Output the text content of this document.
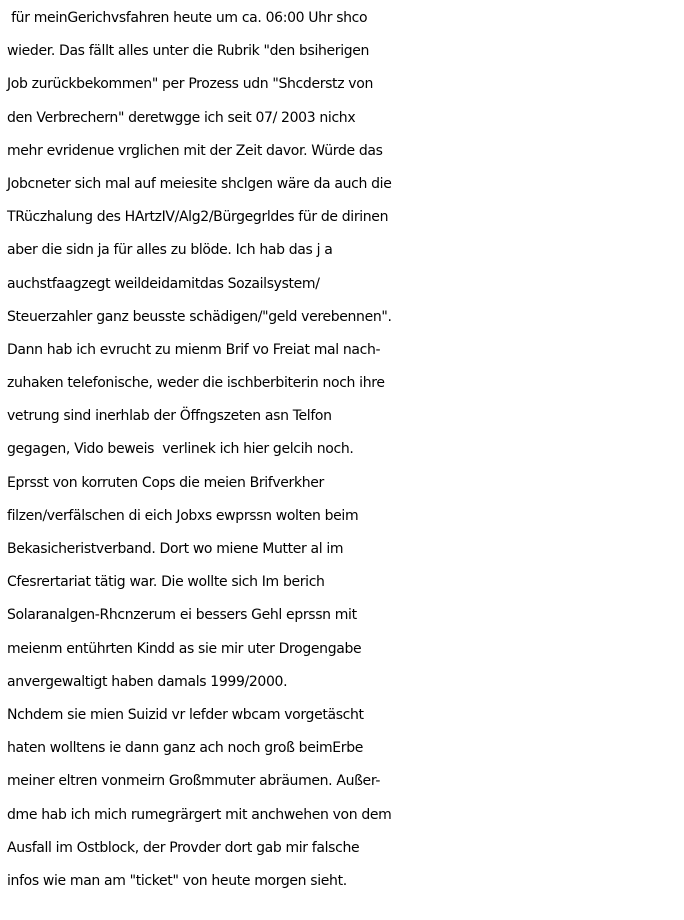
für meinGerichvsfahren heute um ca. 06:00 Uhr shco
wieder. Das fällt alles unter die Rubrik "den bsiherigen
Job zurückbekommen" per Prozess udn "Shcderstz von
den Verbrechern" deretwgge ich seit 07/ 2003 nichx
mehr evridenue vrglichen mit der Zeit davor. Würde das
Jobcneter sich mal auf meiesite shclgen wäre da auch die
TRüczhalung des HArtzIV/Alg2/Bürgegrldes für de dirinen
aber die sidn ja für alles zu blöde. Ich hab das j a
auchstfaagzegt weildeidamitdas Sozailsystem/
Steuerzahler ganz beusste schädigen/"geld verebennen".
Dann hab ich evrucht zu mienm Brif vo Freiat mal nach-
zuhaken telefonische, weder die ischberbiterin noch ihre
vetrung sind inerhlab der Öffngszeten asn Telfon
gegagen, Vido beweis  verlinek ich hier gelcih noch.
Eprsst von korruten Cops die meien Brifverkher
filzen/verfälschen di eich Jobxs ewprssn wolten beim
Bekasicheristverband. Dort wo miene Mutter al im
Cfesrertariat tätig war. Die wollte sich Im berich
Solaranalgen-Rhcnzerum ei bessers Gehl eprssn mit
meienm entührten Kindd as sie mir uter Drogengabe
anvergewaltigt haben damals 1999/2000.
Nchdem sie mien Suizid vr lefder wbcam vorgetäscht
haten wolltens ie dann ganz ach noch groß beimErbe
meiner eltren vonmeirn Großmmuter abräumen. Außer-
dme hab ich mich rumegrärgert mit anchwehen von dem
Ausfall im Ostblock, der Provder dort gab mir falsche
infos wie man am "ticket" von heute morgen sieht.
